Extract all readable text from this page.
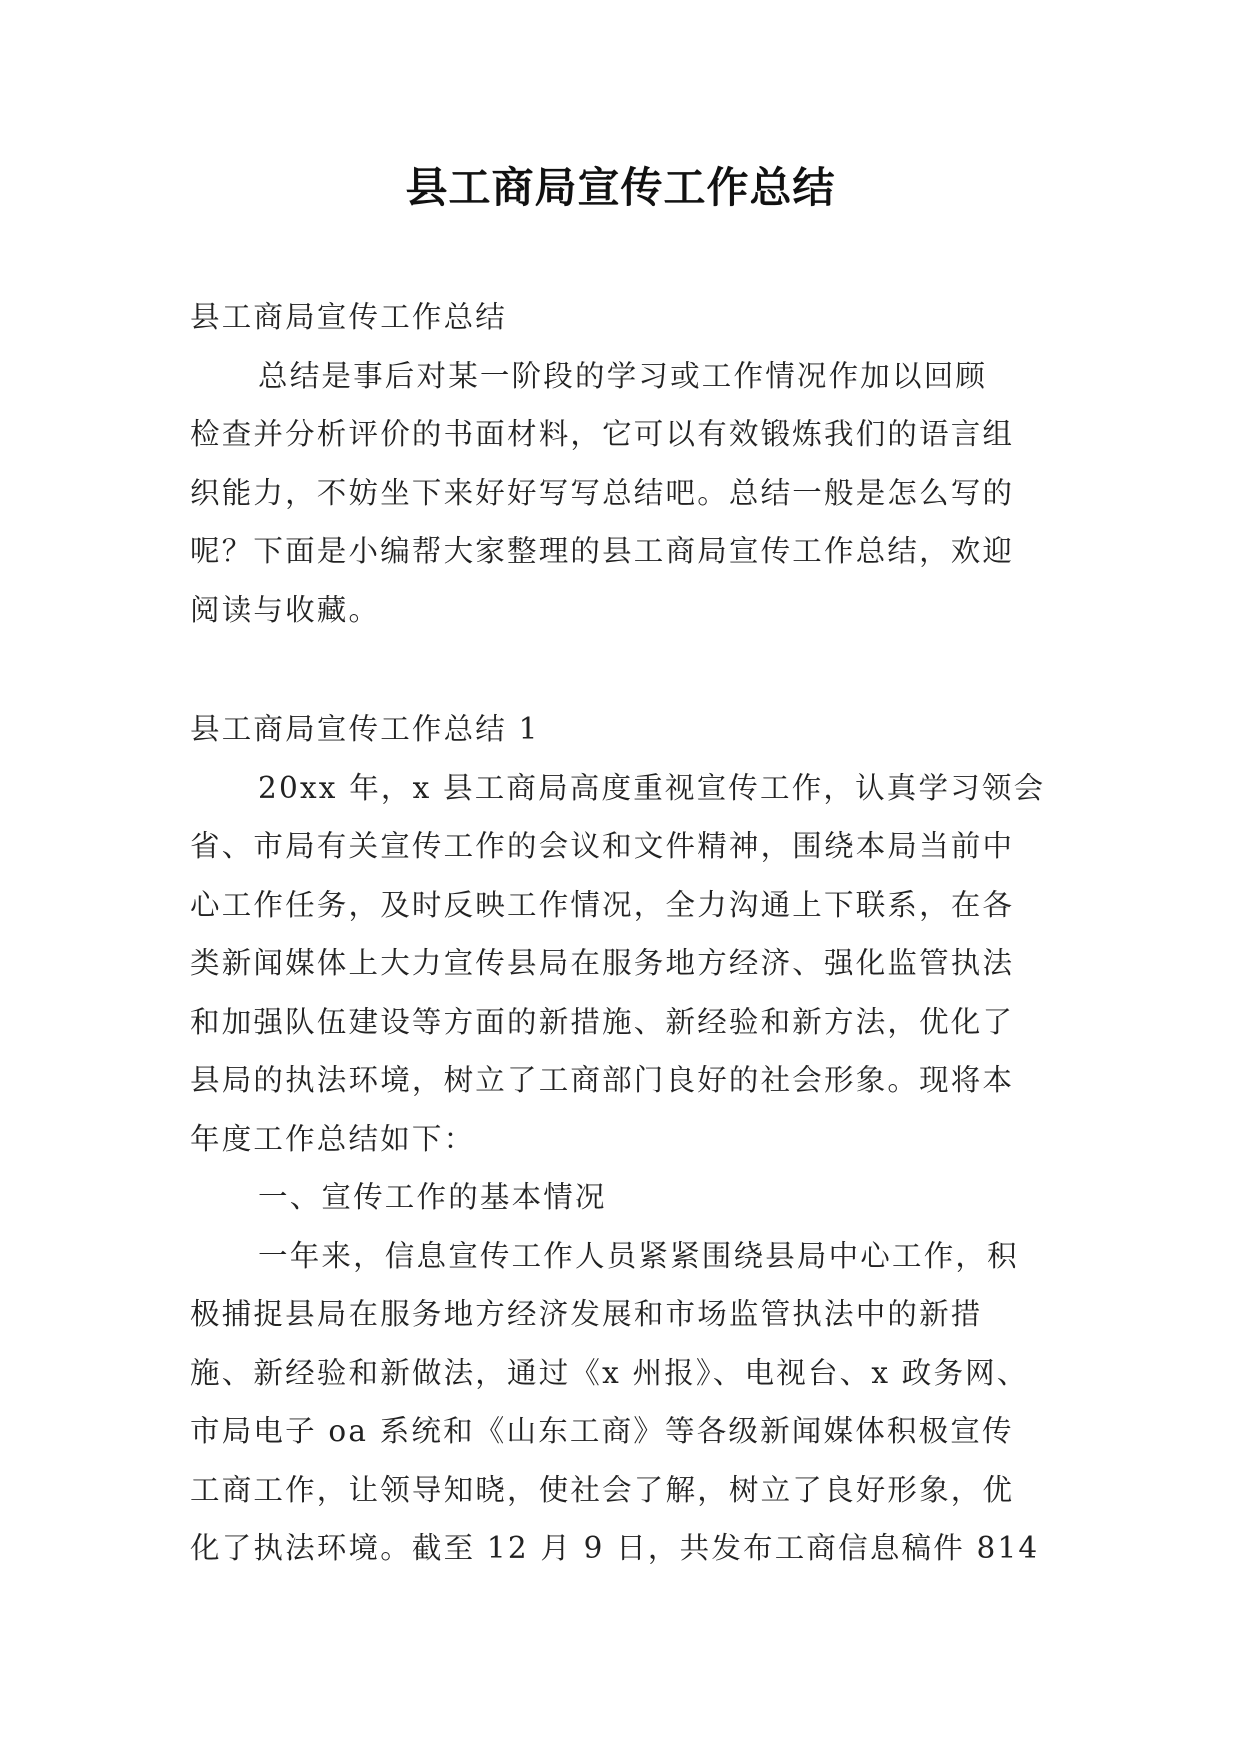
县工商局宣传工作总结
县工商局宣传工作总结
总结是事后对某一阶段的学习或工作情况作加以回顾
检查并分析评价的书面材料，它可以有效锻炼我们的语言组
织能力，不妨坐下来好好写写总结吧。总结一般是怎么写的
呢？下面是小编帮大家整理的县工商局宣传工作总结，欢迎
阅读与收藏。
县工商局宣传工作总结 1
20xx 年，x 县工商局高度重视宣传工作，认真学习领会
省、市局有关宣传工作的会议和文件精神，围绕本局当前中
心工作任务，及时反映工作情况，全力沟通上下联系，在各
类新闻媒体上大力宣传县局在服务地方经济、强化监管执法
和加强队伍建设等方面的新措施、新经验和新方法，优化了
县局的执法环境，树立了工商部门良好的社会形象。现将本
年度工作总结如下：
一、宣传工作的基本情况
一年来，信息宣传工作人员紧紧围绕县局中心工作，积
极捕捉县局在服务地方经济发展和市场监管执法中的新措
施、新经验和新做法，通过《x 州报》、电视台、x 政务网、
市局电子 oa 系统和《山东工商》等各级新闻媒体积极宣传
工商工作，让领导知晓，使社会了解，树立了良好形象，优
化了执法环境。截至 12 月 9 日，共发布工商信息稿件 814
